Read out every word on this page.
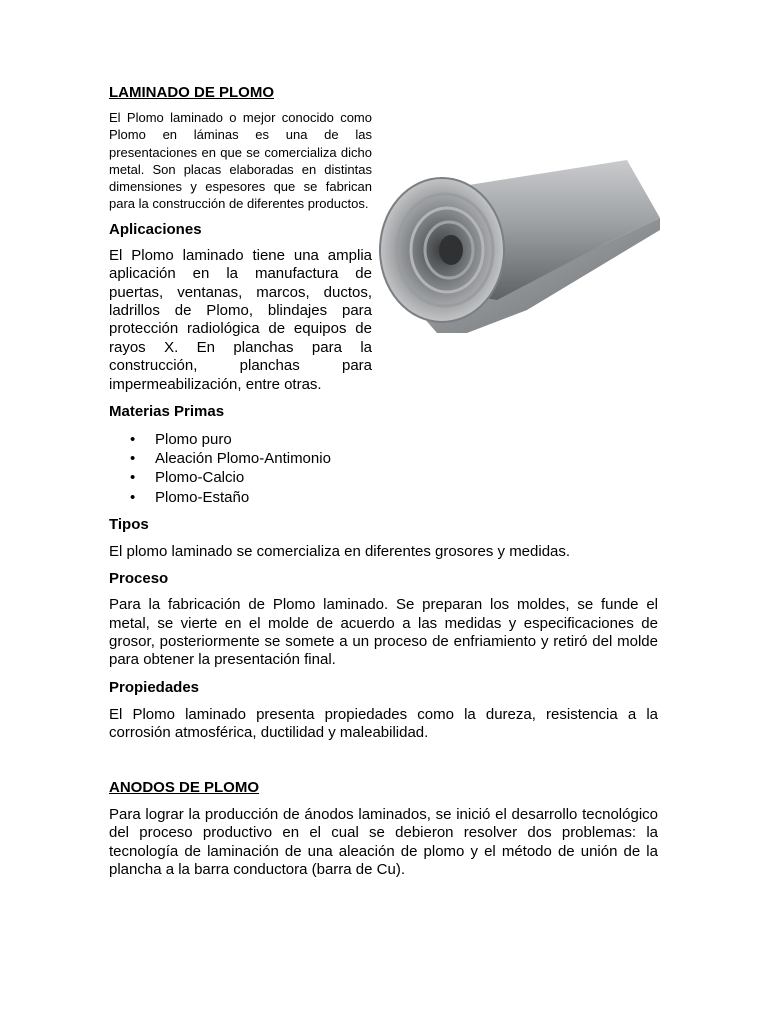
LAMINADO DE PLOMO

El Plomo laminado o mejor conocido como Plomo en láminas es una de las presentaciones en que se comercializa dicho metal. Son placas elaboradas en distintas dimensiones y espesores que se fabrican para la construcción de diferentes productos.

Aplicaciones

El Plomo laminado tiene una amplia aplicación en la manufactura de puertas, ventanas, marcos, ductos, ladrillos de Plomo, blindajes para protección radiológica de equipos de rayos X. En planchas para la construcción, planchas para impermeabilización, entre otras.

Materias Primas
• Plomo puro
• Aleación Plomo-Antimonio
• Plomo-Calcio
• Plomo-Estaño
Tipos

El plomo laminado se comercializa en diferentes grosores y medidas.

Proceso

Para la fabricación de Plomo laminado. Se preparan los moldes, se funde el metal, se vierte en el molde de acuerdo a las medidas y especificaciones de grosor, posteriormente se somete a un proceso de enfriamiento y retiró del molde para obtener la presentación final.

Propiedades

El Plomo laminado presenta propiedades como la dureza, resistencia a la corrosión atmosférica, ductilidad y maleabilidad.

ANODOS DE PLOMO

Para lograr la producción de ánodos laminados, se inició el desarrollo tecnológico del proceso productivo en el cual se debieron resolver dos problemas: la tecnología de laminación de una aleación de plomo y el método de unión de la plancha a la barra conductora (barra de Cu).
